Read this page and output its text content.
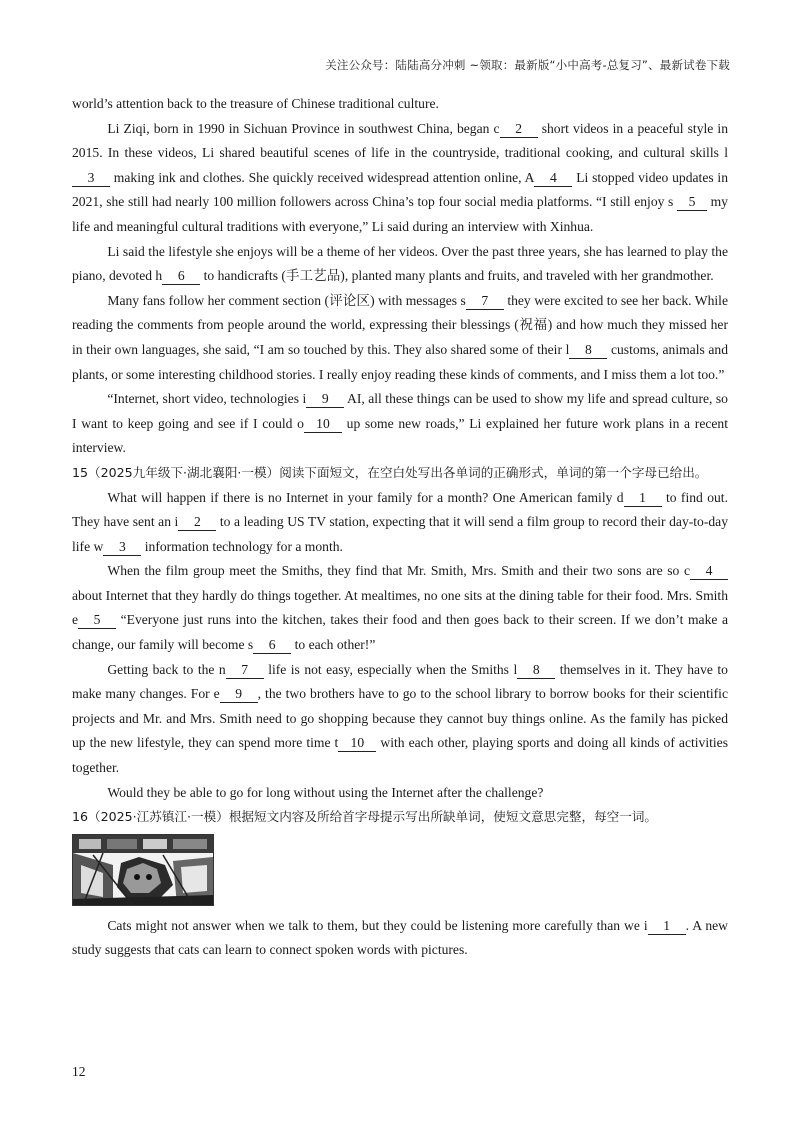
关注公众号：陆陆高分冲刺 ~领取：最新版“小中高考-总复习”、最新试卷下载

world’s attention back to the treasure of Chinese traditional culture.

Li Ziqi, born in 1990 in Sichuan Province in southwest China, began c 2 short videos in a peaceful style in 2015. In these videos, Li shared beautiful scenes of life in the countryside, traditional cooking, and cultural skills l3 making ink and clothes. She quickly received widespread attention online, A 4 Li stopped video updates in 2021, she still had nearly 100 million followers across China’s top four social media platforms. “I still enjoy s 5 my life and meaningful cultural traditions with everyone,” Li said during an interview with Xinhua.

Li said the lifestyle she enjoys will be a theme of her videos. Over the past three years, she has learned to play the piano, devoted h 6 to handicrafts (手工艺品), planted many plants and fruits, and traveled with her grandmother.

Many fans follow her comment section (评论区) with messages s 7 they were excited to see her back. While reading the comments from people around the world, expressing their blessings (祝福) and how much they missed her in their own languages, she said, “I am so touched by this. They also shared some of their l 8 customs, animals and plants, or some interesting childhood stories. I really enjoy reading these kinds of comments, and I miss them a lot too.”

“Internet, short video, technologies i 9 AI, all these things can be used to show my life and spread culture, so I want to keep going and see if I could o 10 up some new roads,” Li explained her future work plans in a recent interview.

15（2025九年级下·湖北襄阳·一模）阅读下面短文，在空白处写出各单词的正确形式，单词的第一个字母已给出。

What will happen if there is no Internet in your family for a month? One American family d 1 to find out. They have sent an i 2 to a leading US TV station, expecting that it will send a film group to record their day-to-day life w 3 information technology for a month.

When the film group meet the Smiths, they find that Mr. Smith, Mrs. Smith and their two sons are so c 4 about Internet that they hardly do things together. At mealtimes, no one sits at the dining table for their food. Mrs. Smith e 5 “Everyone just runs into the kitchen, takes their food and then goes back to their screen. If we don’t make a change, our family will become s 6 to each other!”

Getting back to the n 7 life is not easy, especially when the Smiths l 8 themselves in it. They have to make many changes. For e 9 , the two brothers have to go to the school library to borrow books for their scientific projects and Mr. and Mrs. Smith need to go shopping because they cannot buy things online. As the family has picked up the new lifestyle, they can spend more time t 10 with each other, playing sports and doing all kinds of activities together.

Would they be able to go for long without using the Internet after the challenge?

16（2025·江苏镇江·一模）根据短文内容及所给首字母提示写出所缺单词，使短文意思完整，每空一词。

Cats might not answer when we talk to them, but they could be listening more carefully than we i 1 . A new study suggests that cats can learn to connect spoken words with pictures.

12
